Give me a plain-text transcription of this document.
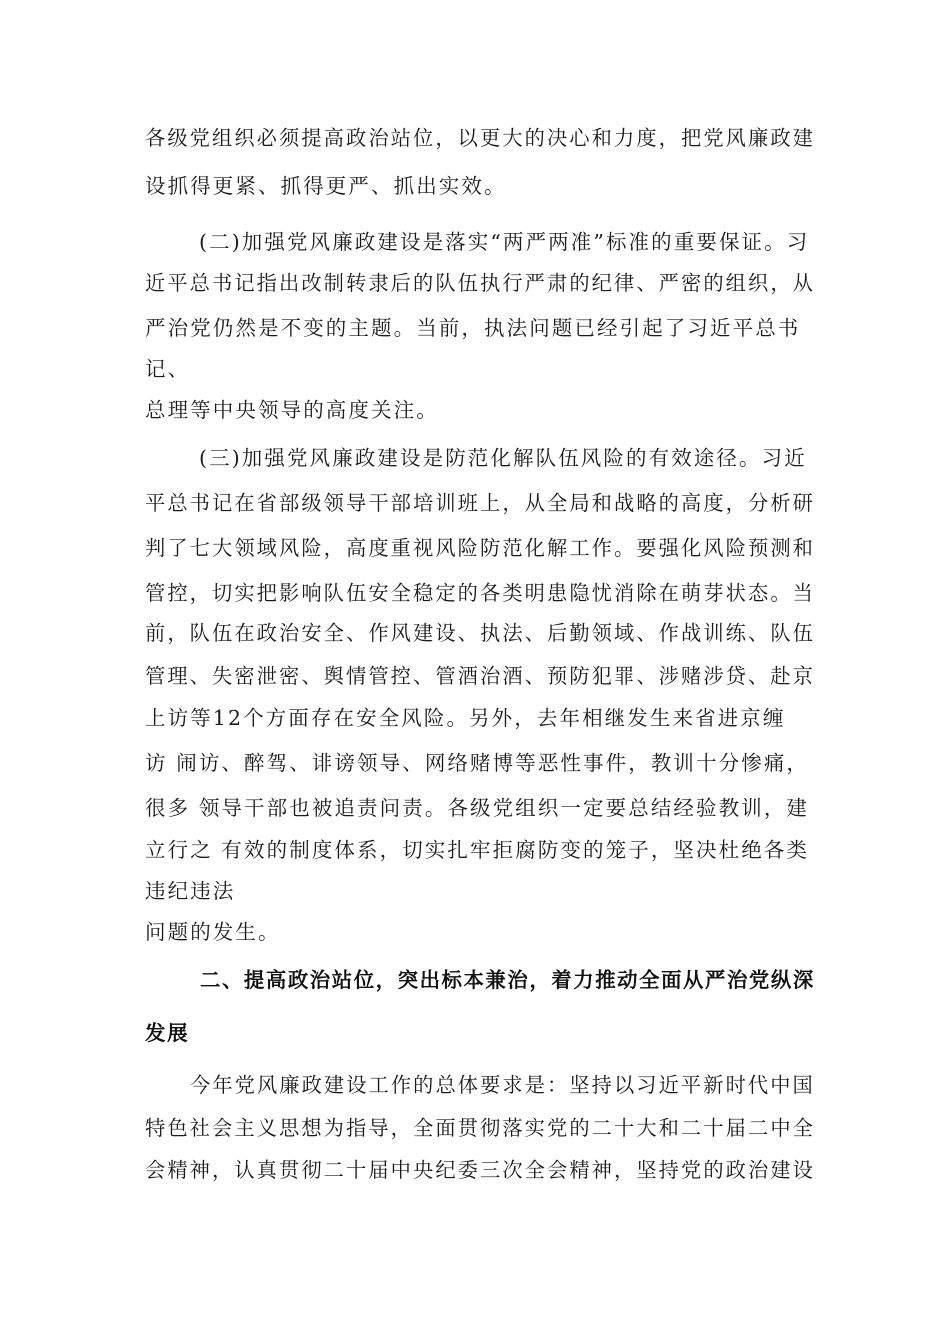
各级党组织必须提高政治站位，以更大的决心和力度，把党风廉政建
设抓得更紧、抓得更严、抓出实效。
(二)加强党风廉政建设是落实“两严两准”标准的重要保证。习
近平总书记指出改制转隶后的队伍执行严肃的纪律、严密的组织，从
严治党仍然是不变的主题。当前，执法问题已经引起了习近平总书
记、
总理等中央领导的高度关注。
(三)加强党风廉政建设是防范化解队伍风险的有效途径。习近
平总书记在省部级领导干部培训班上，从全局和战略的高度，分析研
判了七大领域风险，高度重视风险防范化解工作。要强化风险预测和
管控，切实把影响队伍安全稳定的各类明患隐忧消除在萌芽状态。当
前，队伍在政治安全、作风建设、执法、后勤领域、作战训练、队伍
管理、失密泄密、舆情管控、管酒治酒、预防犯罪、涉赌涉贷、赴京
上访等12个方面存在安全风险。另外，去年相继发生来省进京缠
访 闹访、醉驾、诽谤领导、网络赌博等恶性事件，教训十分惨痛，
很多 领导干部也被追责问责。各级党组织一定要总结经验教训，建
立行之 有效的制度体系，切实扎牢拒腐防变的笼子，坚决杜绝各类
违纪违法
问题的发生。
二、提高政治站位，突出标本兼治，着力推动全面从严治党纵深
发展
今年党风廉政建设工作的总体要求是：坚持以习近平新时代中国
特色社会主义思想为指导，全面贯彻落实党的二十大和二十届二中全
会精神，认真贯彻二十届中央纪委三次全会精神，坚持党的政治建设
